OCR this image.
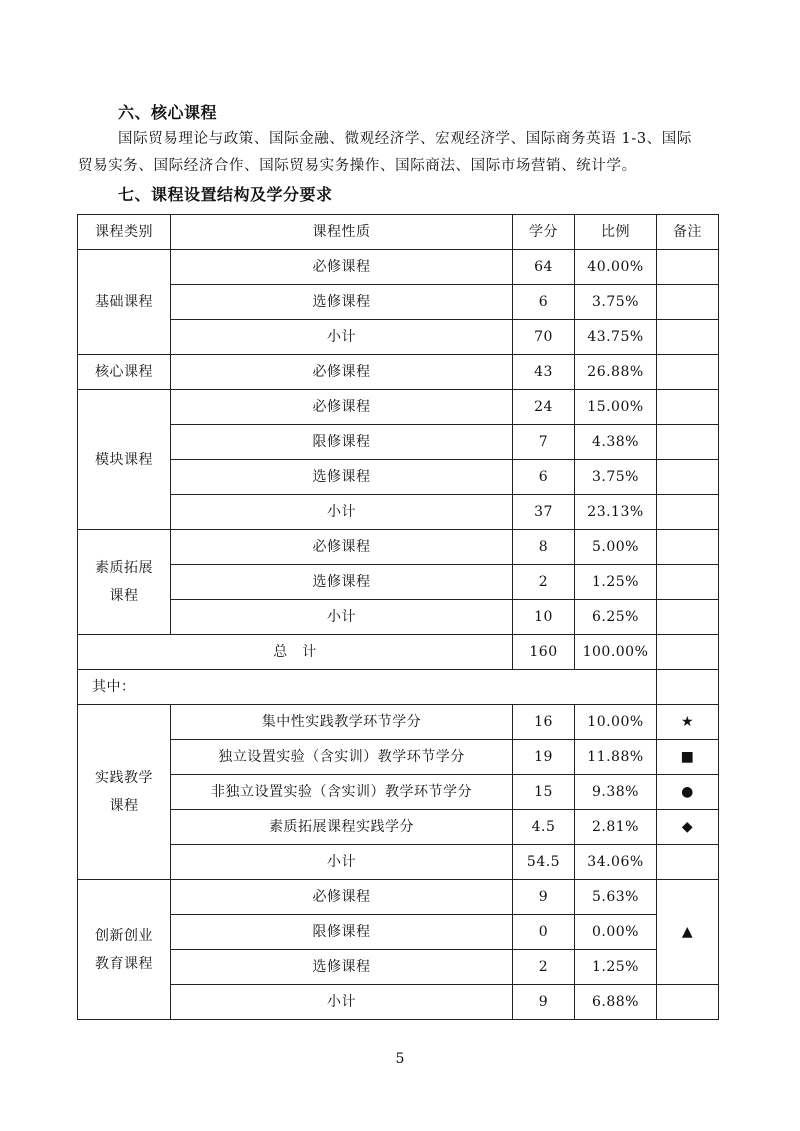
六、核心课程
国际贸易理论与政策、国际金融、微观经济学、宏观经济学、国际商务英语 1-3、国际
贸易实务、国际经济合作、国际贸易实务操作、国际商法、国际市场营销、统计学。
七、课程设置结构及学分要求
课程类别	课程性质	学分	比例	备注
基础课程	必修课程	64	40.00%	
	选修课程	6	3.75%	
	小计	70	43.75%	
核心课程	必修课程	43	26.88%	
模块课程	必修课程	24	15.00%	
	限修课程	7	4.38%	
	选修课程	6	3.75%	
	小计	37	23.13%	

素质拓展
课程	必修课程	8	5.00%	
	选修课程	2	1.25%	
	小计	10	6.25%	
总　计		160	100.00%	
其中：				

实践教学
课程	集中性实践教学环节学分	16	10.00%	★
	独立设置实验（含实训）教学环节学分	19	11.88%	■
	非独立设置实验（含实训）教学环节学分	15	9.38%	●
	素质拓展课程实践学分	4.5	2.81%	◆
	小计	54.5	34.06%	

创新创业
教育课程	必修课程	9	5.63%	▲
	限修课程	0	0.00%	
	选修课程	2	1.25%	
	小计	9	6.88%	
5
